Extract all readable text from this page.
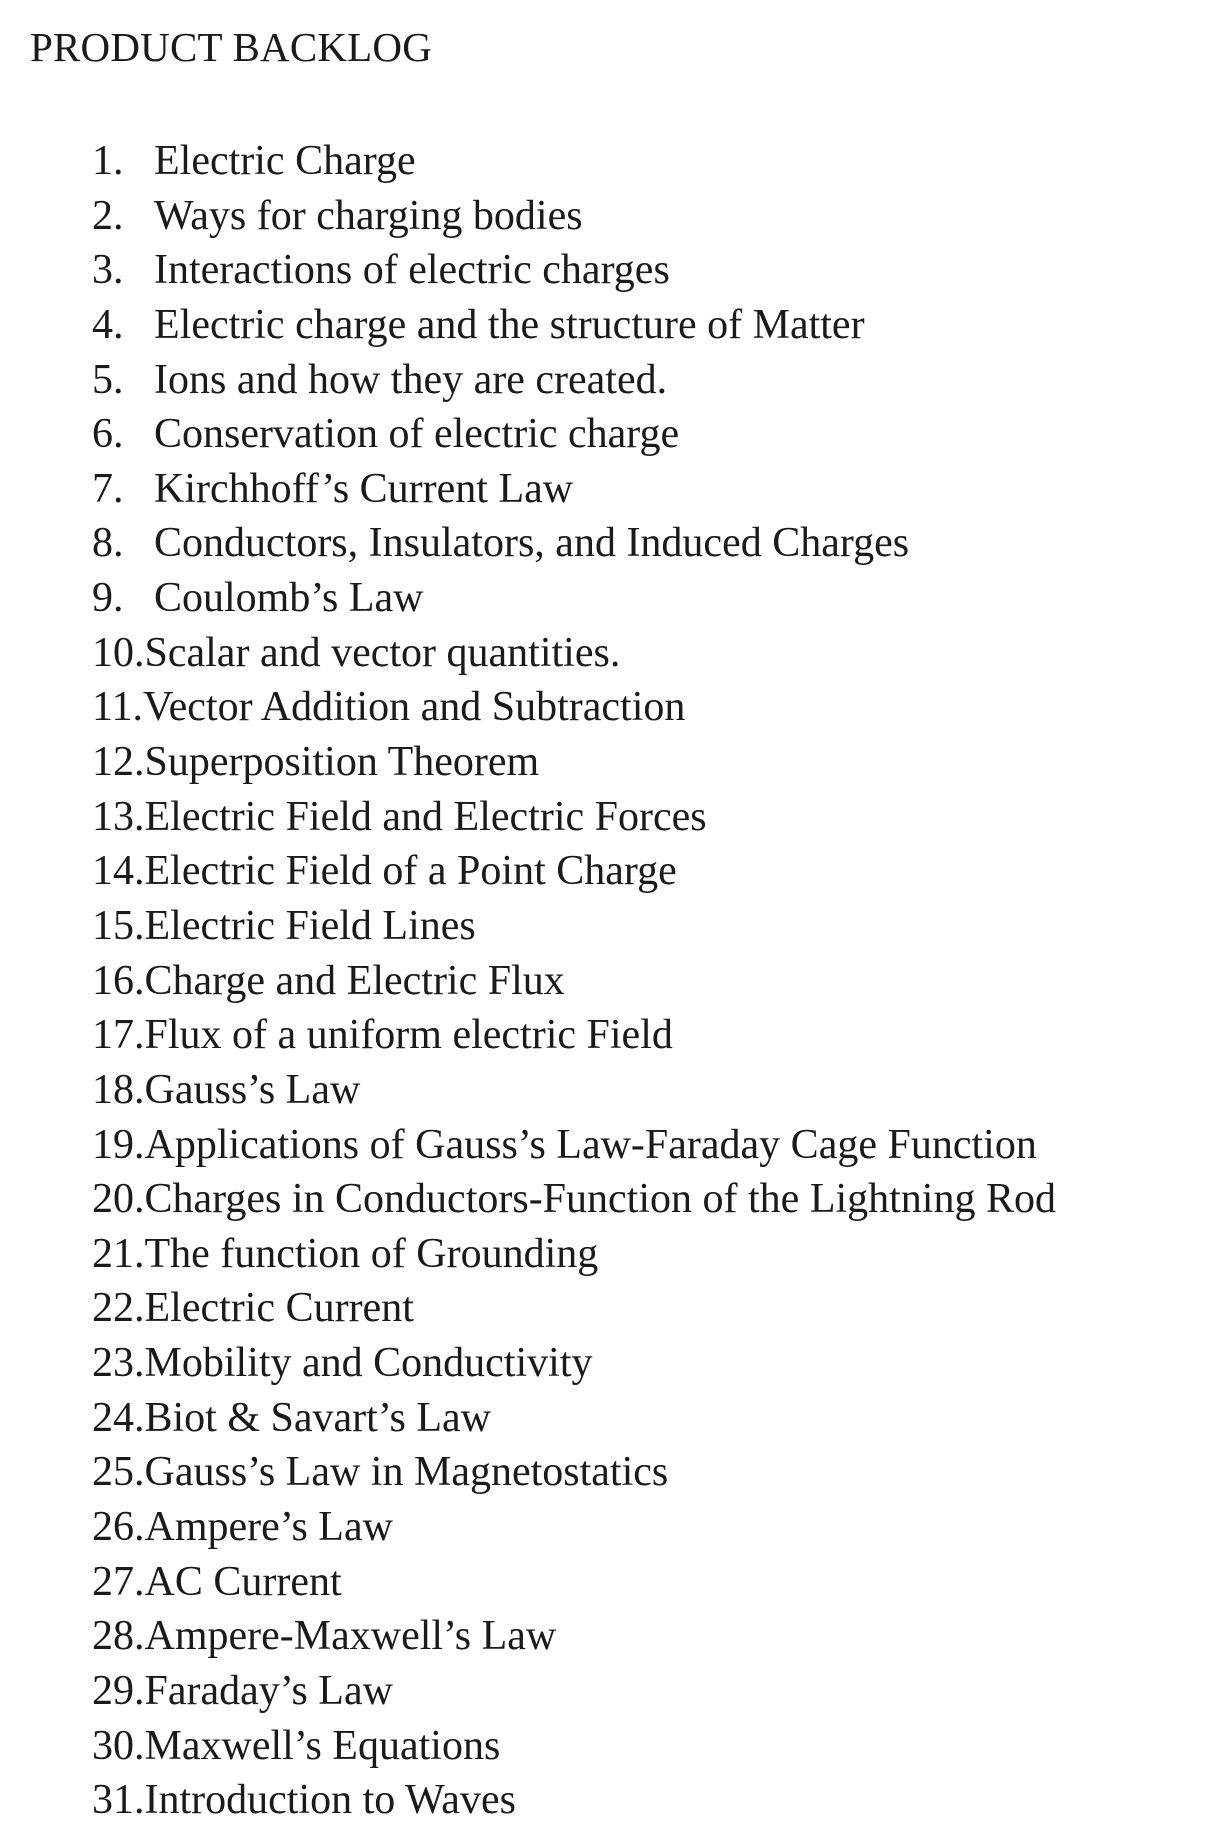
PRODUCT BACKLOG
1. Electric Charge
2. Ways for charging bodies
3. Interactions of electric charges
4. Electric charge and the structure of Matter
5. Ions and how they are created.
6. Conservation of electric charge
7. Kirchhoff’s Current Law
8. Conductors, Insulators, and Induced Charges
9. Coulomb’s Law
10. Scalar and vector quantities.
11. Vector Addition and Subtraction
12. Superposition Theorem
13. Electric Field and Electric Forces
14. Electric Field of a Point Charge
15. Electric Field Lines
16. Charge and Electric Flux
17. Flux of a uniform electric Field
18. Gauss’s Law
19. Applications of Gauss’s Law-Faraday Cage Function
20. Charges in Conductors-Function of the Lightning Rod
21. The function of Grounding
22. Electric Current
23. Mobility and Conductivity
24. Biot & Savart’s Law
25. Gauss’s Law in Magnetostatics
26. Ampere’s Law
27. AC Current
28. Ampere-Maxwell’s Law
29. Faraday’s Law
30. Maxwell’s Equations
31. Introduction to Waves
